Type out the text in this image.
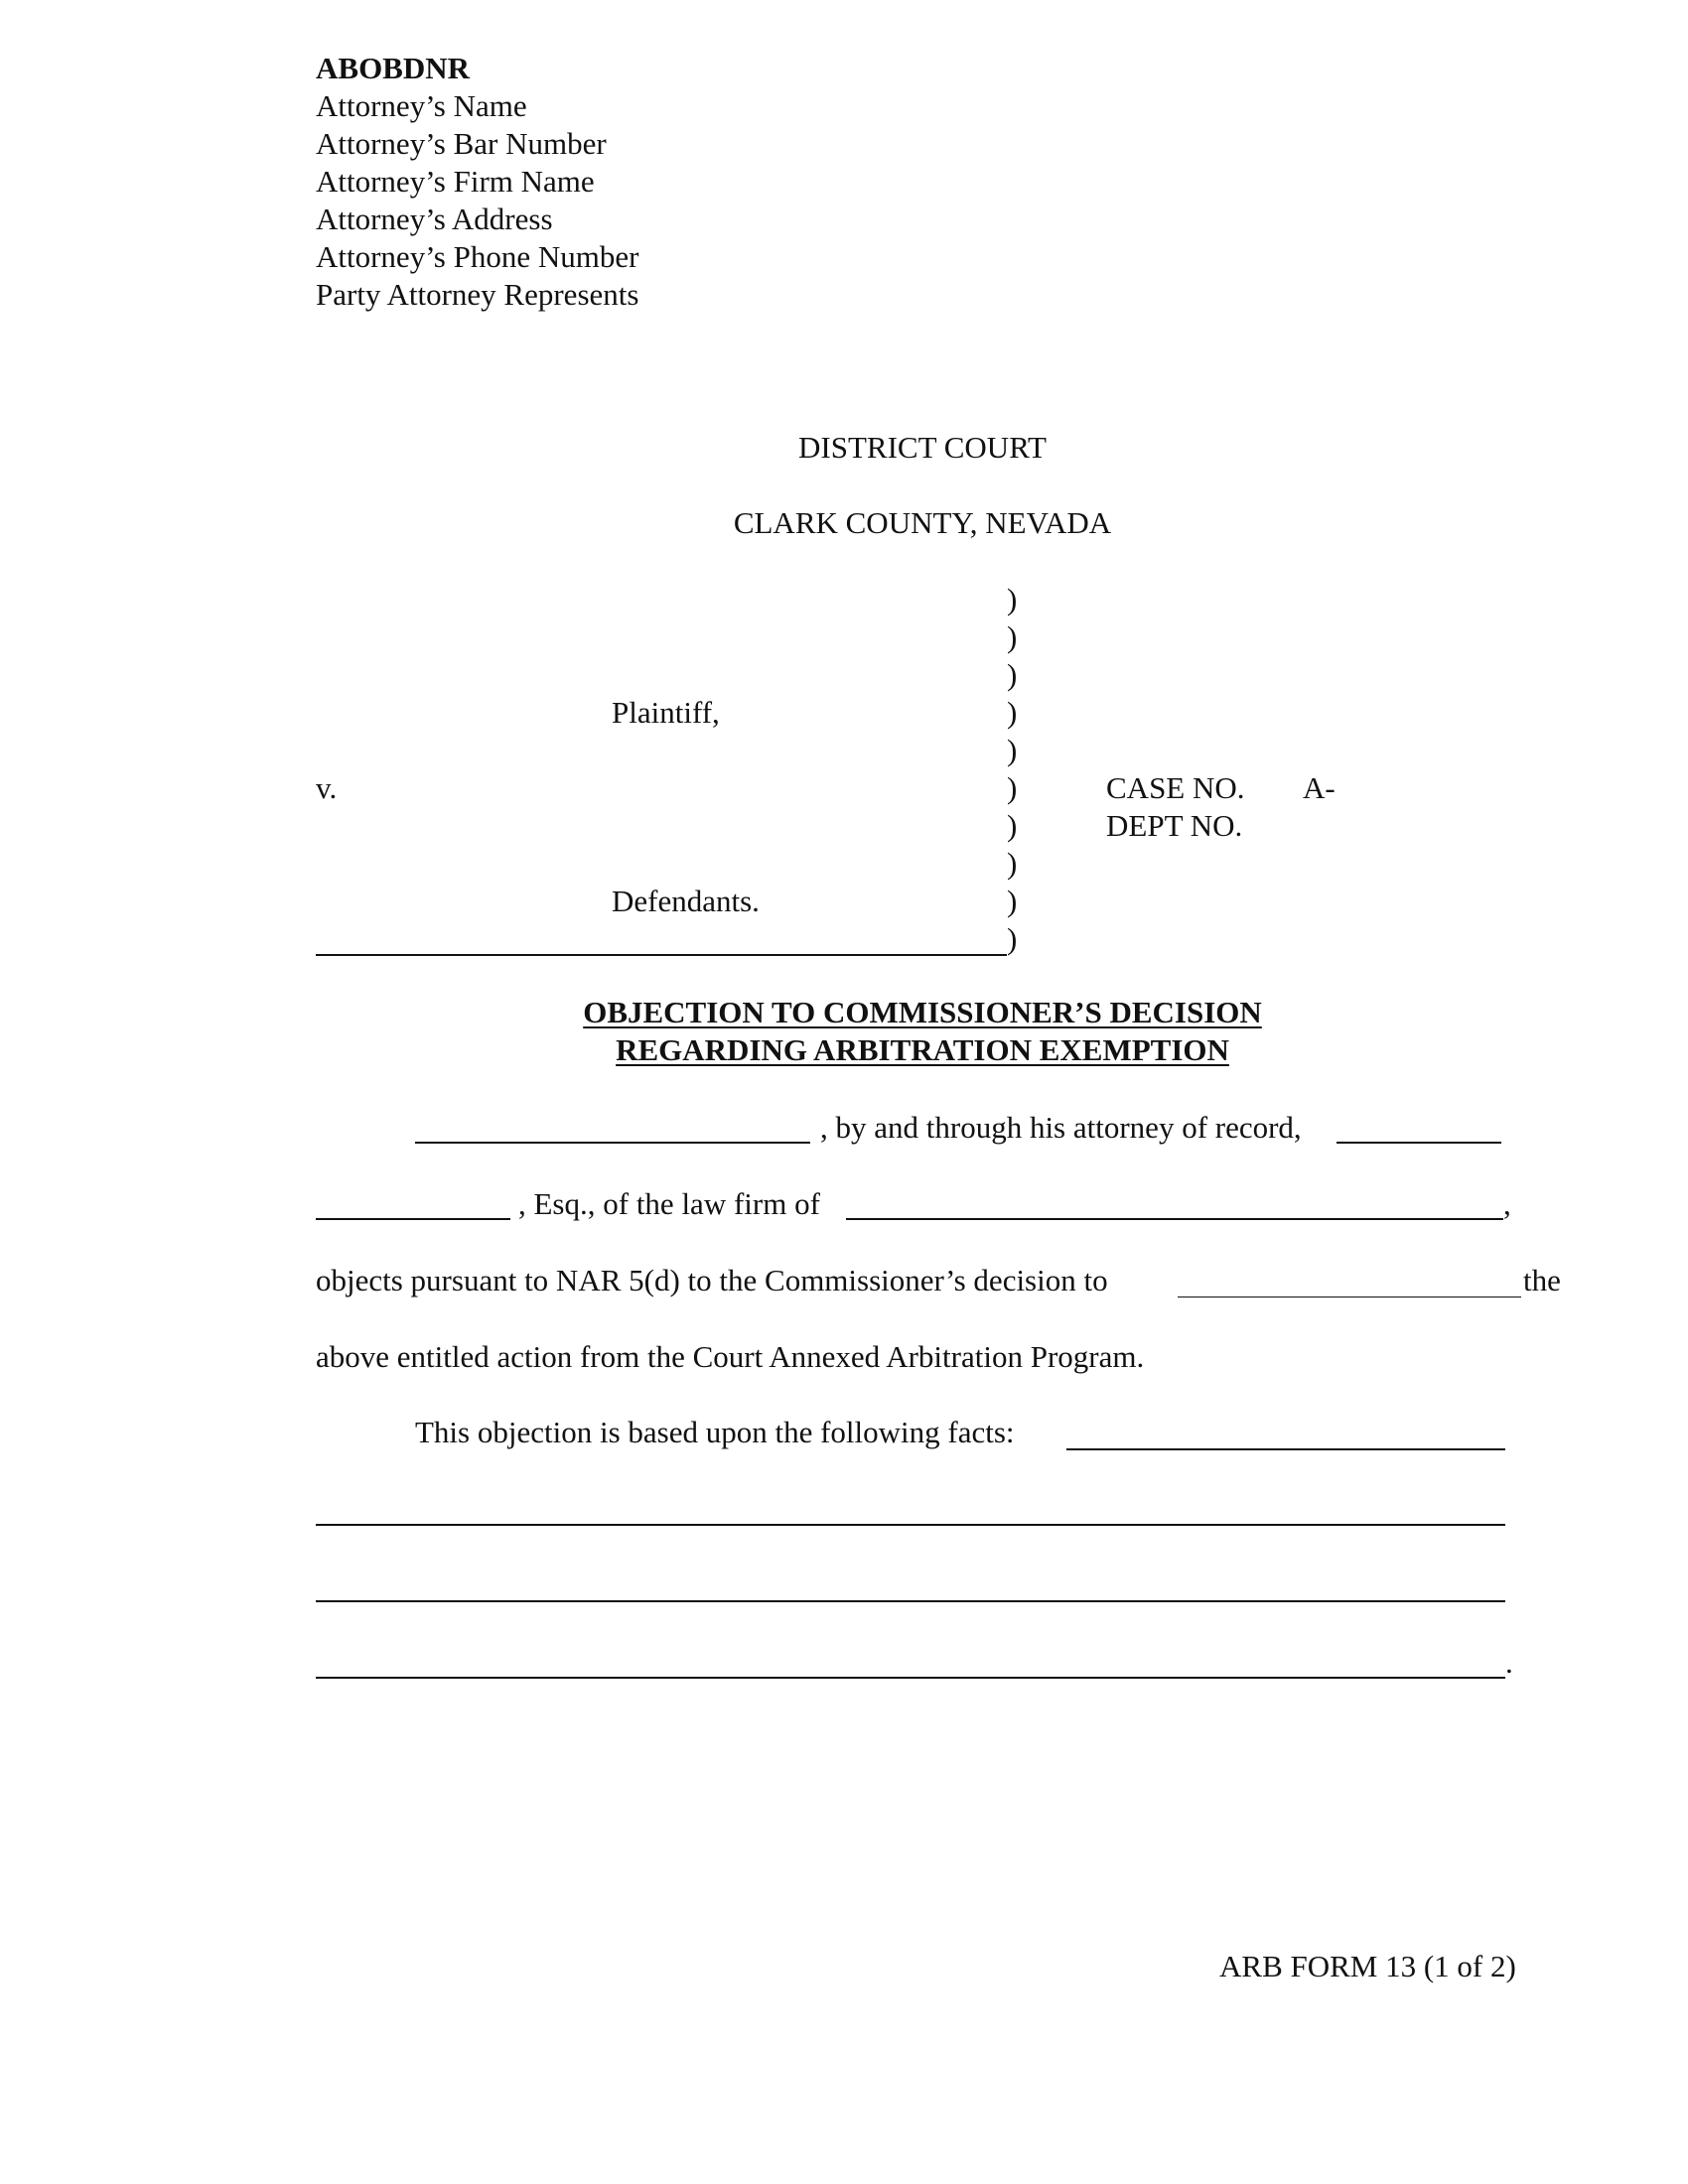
ABOBDNR
Attorney’s Name
Attorney’s Bar Number
Attorney’s Firm Name
Attorney’s Address
Attorney’s Phone Number
Party Attorney Represents
DISTRICT COURT
CLARK COUNTY, NEVADA
)
)
)
)
)
)
)
)
)
)
Plaintiff,
v.
Defendants.
CASE NO. A-
DEPT NO.
OBJECTION TO COMMISSIONER’S DECISION
REGARDING ARBITRATION EXEMPTION
, by and through his attorney of record,
, Esq., of the law firm of	,
objects pursuant to NAR 5(d) to the Commissioner’s decision to	the
above entitled action from the Court Annexed Arbitration Program.
This objection is based upon the following facts:
.
ARB FORM 13 (1 of 2)
